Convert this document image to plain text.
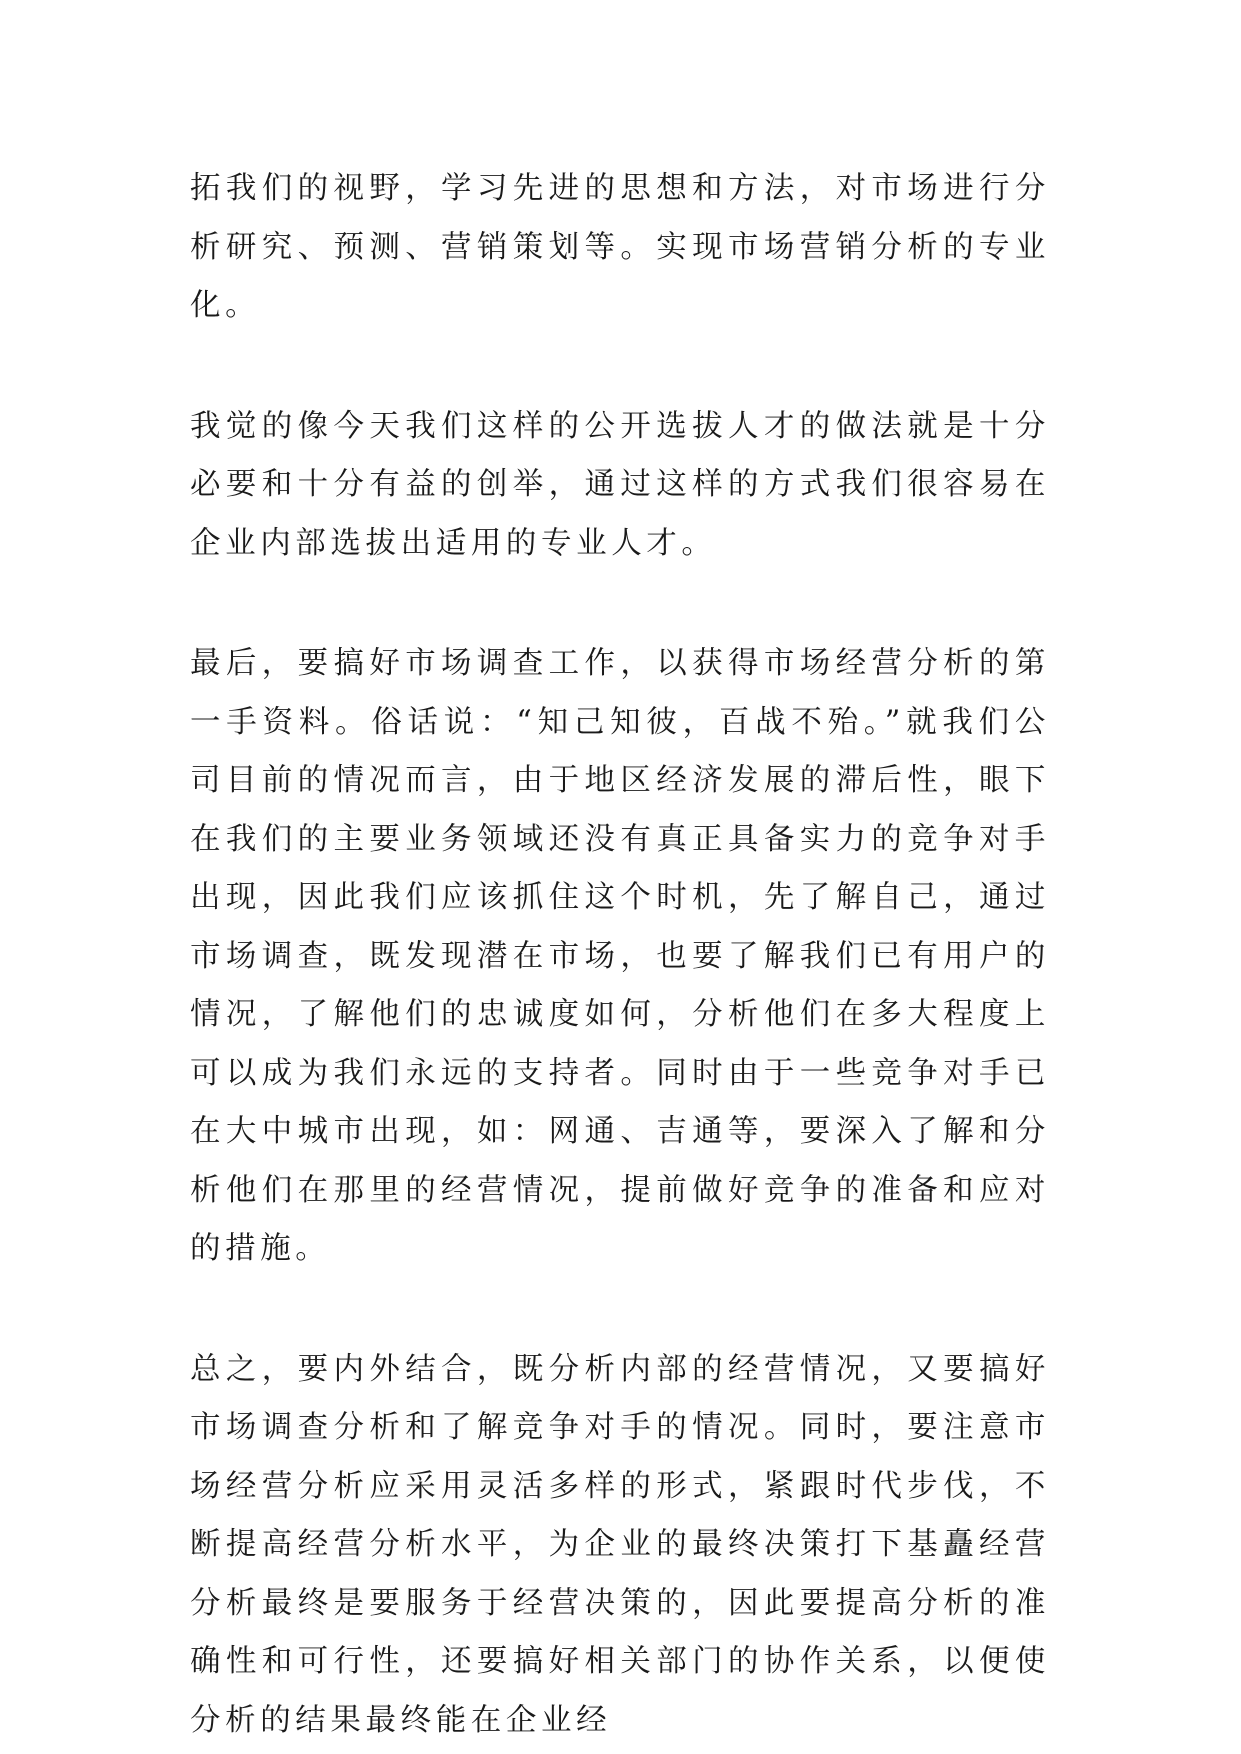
拓我们的视野，学习先进的思想和方法，对市场进行分析研究、预测、营销策划等。实现市场营销分析的专业化。

我觉的像今天我们这样的公开选拔人才的做法就是十分必要和十分有益的创举，通过这样的方式我们很容易在企业内部选拔出适用的专业人才。

最后，要搞好市场调查工作，以获得市场经营分析的第一手资料。俗话说：“知己知彼，百战不殆。”就我们公司目前的情况而言，由于地区经济发展的滞后性，眼下在我们的主要业务领域还没有真正具备实力的竞争对手出现，因此我们应该抓住这个时机，先了解自己，通过市场调查，既发现潜在市场，也要了解我们已有用户的情况，了解他们的忠诚度如何，分析他们在多大程度上可以成为我们永远的支持者。同时由于一些竞争对手已在大中城市出现，如：网通、吉通等，要深入了解和分析他们在那里的经营情况，提前做好竞争的准备和应对的措施。

总之，要内外结合，既分析内部的经营情况，又要搞好市场调查分析和了解竞争对手的情况。同时，要注意市场经营分析应采用灵活多样的形式，紧跟时代步伐，不断提高经营分析水平，为企业的最终决策打下基矗经营分析最终是要服务于经营决策的，因此要提高分析的准确性和可行性，还要搞好相关部门的协作关系，以便使分析的结果最终能在企业经
